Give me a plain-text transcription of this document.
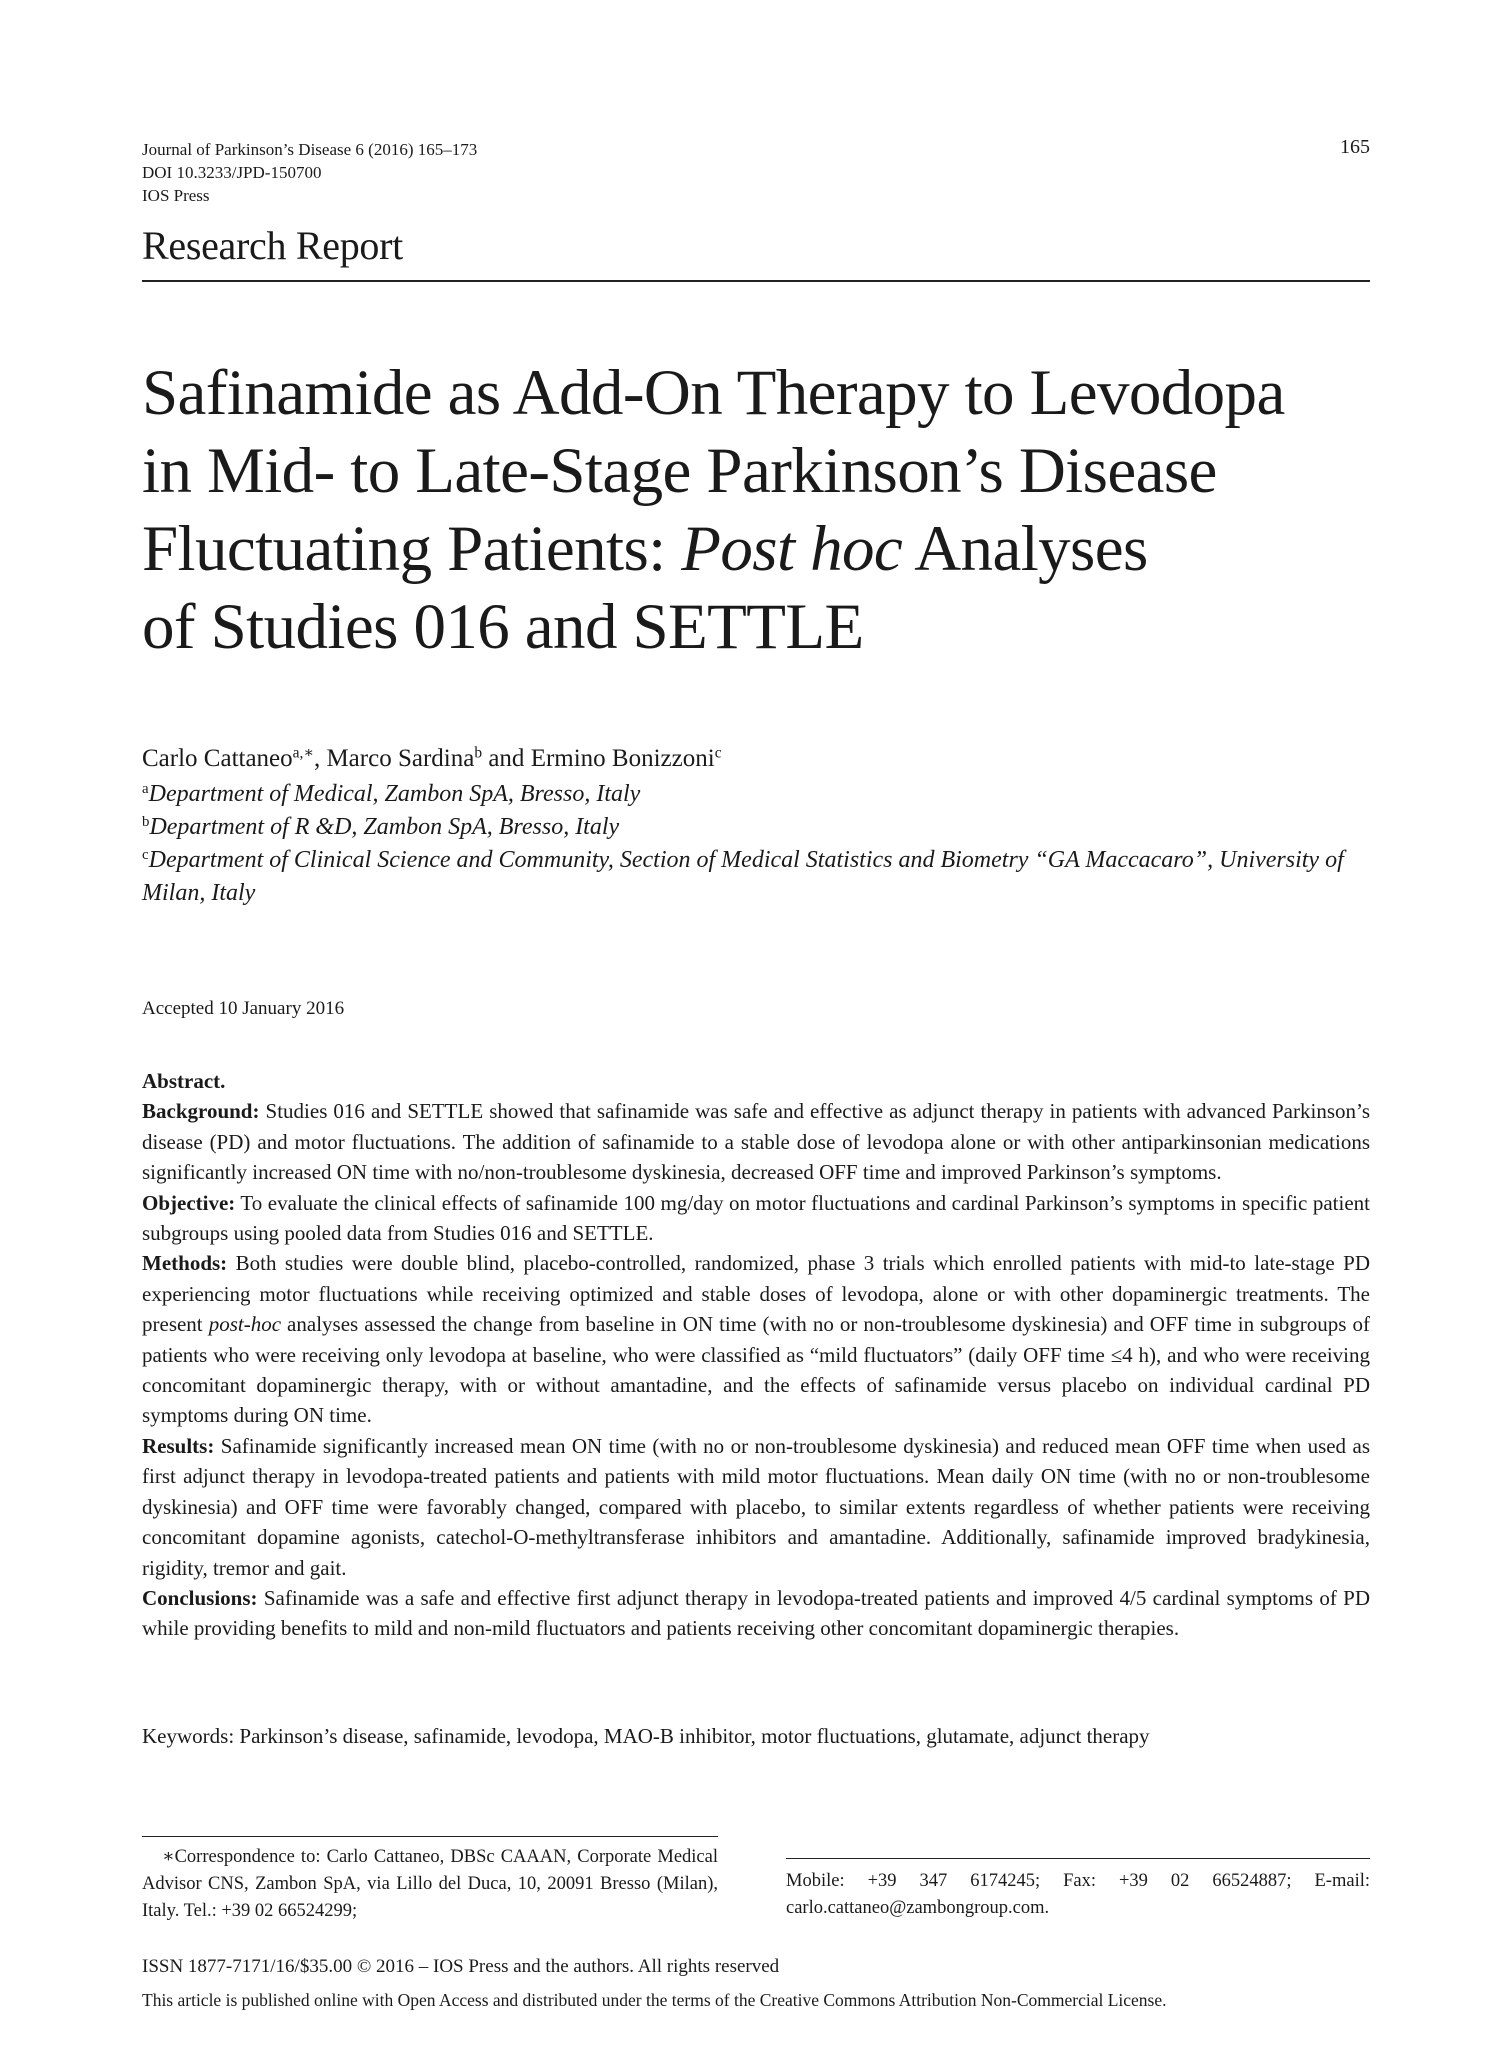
Journal of Parkinson’s Disease 6 (2016) 165–173
DOI 10.3233/JPD-150700
IOS Press
165
Research Report
Safinamide as Add-On Therapy to Levodopa
in Mid- to Late-Stage Parkinson’s Disease
Fluctuating Patients: Post hoc Analyses
of Studies 016 and SETTLE
Carlo Cattaneo$^{a,∗}$, Marco Sardina$^b$ and Ermino Bonizzoni$^c$
$^a$Department of Medical, Zambon SpA, Bresso, Italy
$^b$Department of R &D, Zambon SpA, Bresso, Italy
$^c$Department of Clinical Science and Community, Section of Medical Statistics and Biometry “GA Maccacaro”, University of Milan, Italy
Accepted 10 January 2016

Abstract.

Background: Studies 016 and SETTLE showed that safinamide was safe and effective as adjunct therapy in patients with advanced Parkinson’s disease (PD) and motor fluctuations. The addition of safinamide to a stable dose of levodopa alone or with other antiparkinsonian medications significantly increased ON time with no/non-troublesome dyskinesia, decreased OFF time and improved Parkinson’s symptoms.

Objective: To evaluate the clinical effects of safinamide 100 mg/day on motor fluctuations and cardinal Parkinson’s symptoms in specific patient subgroups using pooled data from Studies 016 and SETTLE.

Methods: Both studies were double blind, placebo-controlled, randomized, phase 3 trials which enrolled patients with mid-to late-stage PD experiencing motor fluctuations while receiving optimized and stable doses of levodopa, alone or with other dopaminergic treatments. The present post-hoc analyses assessed the change from baseline in ON time (with no or non-troublesome dyskinesia) and OFF time in subgroups of patients who were receiving only levodopa at baseline, who were classified as “mild fluctuators” (daily OFF time ≤4 h), and who were receiving concomitant dopaminergic therapy, with or without amantadine, and the effects of safinamide versus placebo on individual cardinal PD symptoms during ON time.

Results: Safinamide significantly increased mean ON time (with no or non-troublesome dyskinesia) and reduced mean OFF time when used as first adjunct therapy in levodopa-treated patients and patients with mild motor fluctuations. Mean daily ON time (with no or non-troublesome dyskinesia) and OFF time were favorably changed, compared with placebo, to similar extents regardless of whether patients were receiving concomitant dopamine agonists, catechol-O-methyltransferase inhibitors and amantadine. Additionally, safinamide improved bradykinesia, rigidity, tremor and gait.

Conclusions: Safinamide was a safe and effective first adjunct therapy in levodopa-treated patients and improved 4/5 cardinal symptoms of PD while providing benefits to mild and non-mild fluctuators and patients receiving other concomitant dopaminergic therapies.

Keywords: Parkinson’s disease, safinamide, levodopa, MAO-B inhibitor, motor fluctuations, glutamate, adjunct therapy
∗Correspondence to: Carlo Cattaneo, DBSc CAAAN, Corporate Medical Advisor CNS, Zambon SpA, via Lillo del Duca, 10, 20091 Bresso (Milan), Italy. Tel.: +39 02 66524299;
Mobile: +39 347 6174245; Fax: +39 02 66524887; E-mail: carlo.cattaneo@zambongroup.com.
ISSN 1877-7171/16/$35.00 © 2016 – IOS Press and the authors. All rights reserved
This article is published online with Open Access and distributed under the terms of the Creative Commons Attribution Non-Commercial License.
